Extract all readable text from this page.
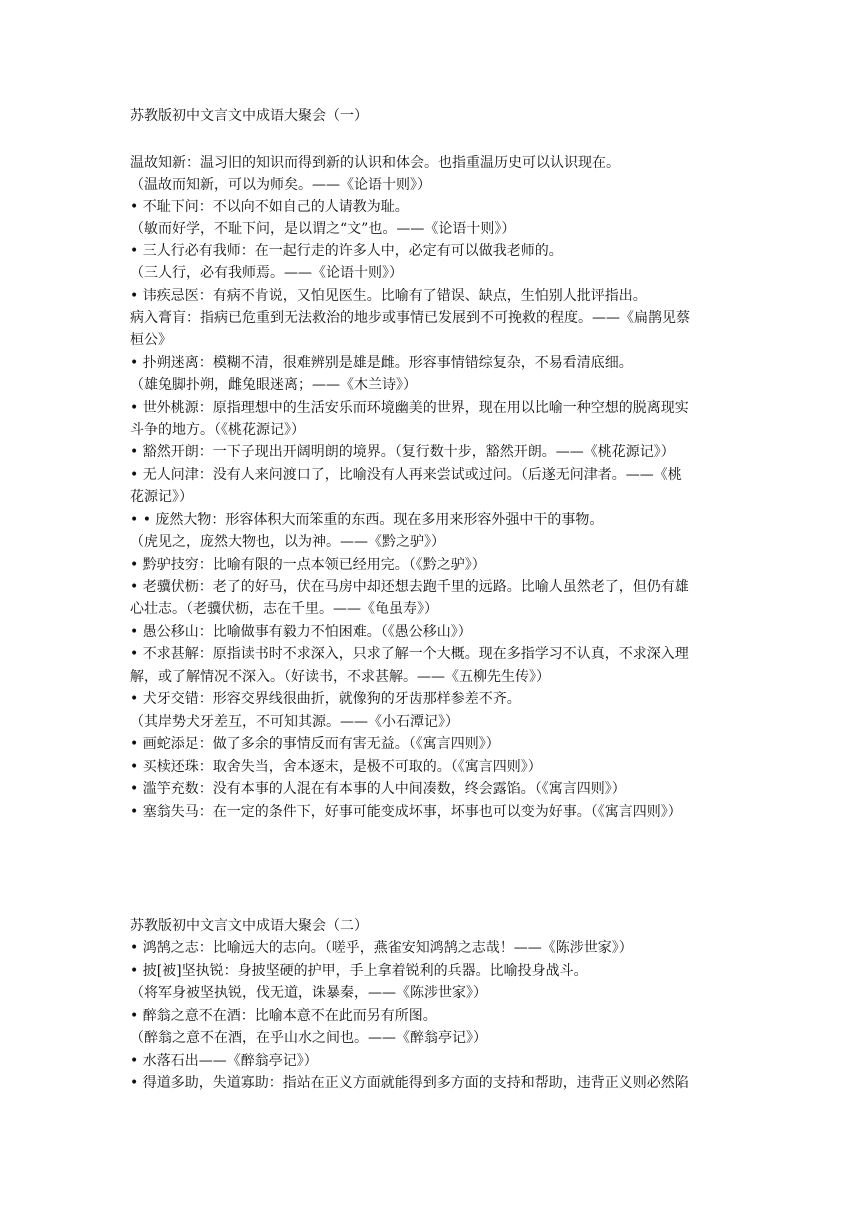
苏教版初中文言文中成语大聚会（一）
温故知新：温习旧的知识而得到新的认识和体会。也指重温历史可以认识现在。
（温故而知新，可以为师矣。——《论语十则》）
• 不耻下问：不以向不如自己的人请教为耻。
（敏而好学，不耻下问，是以谓之“文”也。——《论语十则》）
• 三人行必有我师：在一起行走的许多人中，必定有可以做我老师的。
（三人行，必有我师焉。——《论语十则》）
• 讳疾忌医：有病不肯说，又怕见医生。比喻有了错误、缺点，生怕别人批评指出。
病入膏肓：指病已危重到无法救治的地步或事情已发展到不可挽救的程度。——《扁鹊见蔡
桓公》
• 扑朔迷离：模糊不清，很难辨别是雄是雌。形容事情错综复杂，不易看清底细。
（雄兔脚扑朔，雌兔眼迷离；——《木兰诗》）
• 世外桃源：原指理想中的生活安乐而环境幽美的世界，现在用以比喻一种空想的脱离现实
斗争的地方。（《桃花源记》）
• 豁然开朗：一下子现出开阔明朗的境界。（复行数十步，豁然开朗。——《桃花源记》）
• 无人问津：没有人来问渡口了，比喻没有人再来尝试或过问。（后遂无问津者。——《桃
花源记》）
• • 庞然大物：形容体积大而笨重的东西。现在多用来形容外强中干的事物。
（虎见之，庞然大物也，以为神。——《黔之驴》）
• 黔驴技穷：比喻有限的一点本领已经用完。（《黔之驴》）
• 老骥伏枥：老了的好马，伏在马房中却还想去跑千里的远路。比喻人虽然老了，但仍有雄
心壮志。（老骥伏枥，志在千里。——《龟虽寿》）
• 愚公移山：比喻做事有毅力不怕困难。（《愚公移山》）
• 不求甚解：原指读书时不求深入，只求了解一个大概。现在多指学习不认真，不求深入理
解，或了解情况不深入。（好读书，不求甚解。——《五柳先生传》）
• 犬牙交错：形容交界线很曲折，就像狗的牙齿那样参差不齐。
（其岸势犬牙差互，不可知其源。——《小石潭记》）
• 画蛇添足：做了多余的事情反而有害无益。（《寓言四则》）
• 买椟还珠：取舍失当，舍本逐末，是极不可取的。（《寓言四则》）
• 滥竽充数：没有本事的人混在有本事的人中间凑数，终会露馅。（《寓言四则》）
• 塞翁失马：在一定的条件下，好事可能变成坏事，坏事也可以变为好事。（《寓言四则》）
苏教版初中文言文中成语大聚会（二）
• 鸿鹄之志：比喻远大的志向。（嗟乎，燕雀安知鸿鹄之志哉！——《陈涉世家》）
• 披[被]坚执锐：身披坚硬的护甲，手上拿着锐利的兵器。比喻投身战斗。
（将军身被坚执锐，伐无道，诛暴秦，——《陈涉世家》）
• 醉翁之意不在酒：比喻本意不在此而另有所图。
（醉翁之意不在酒，在乎山水之间也。——《醉翁亭记》）
• 水落石出——《醉翁亭记》）
• 得道多助，失道寡助：指站在正义方面就能得到多方面的支持和帮助，违背正义则必然陷
